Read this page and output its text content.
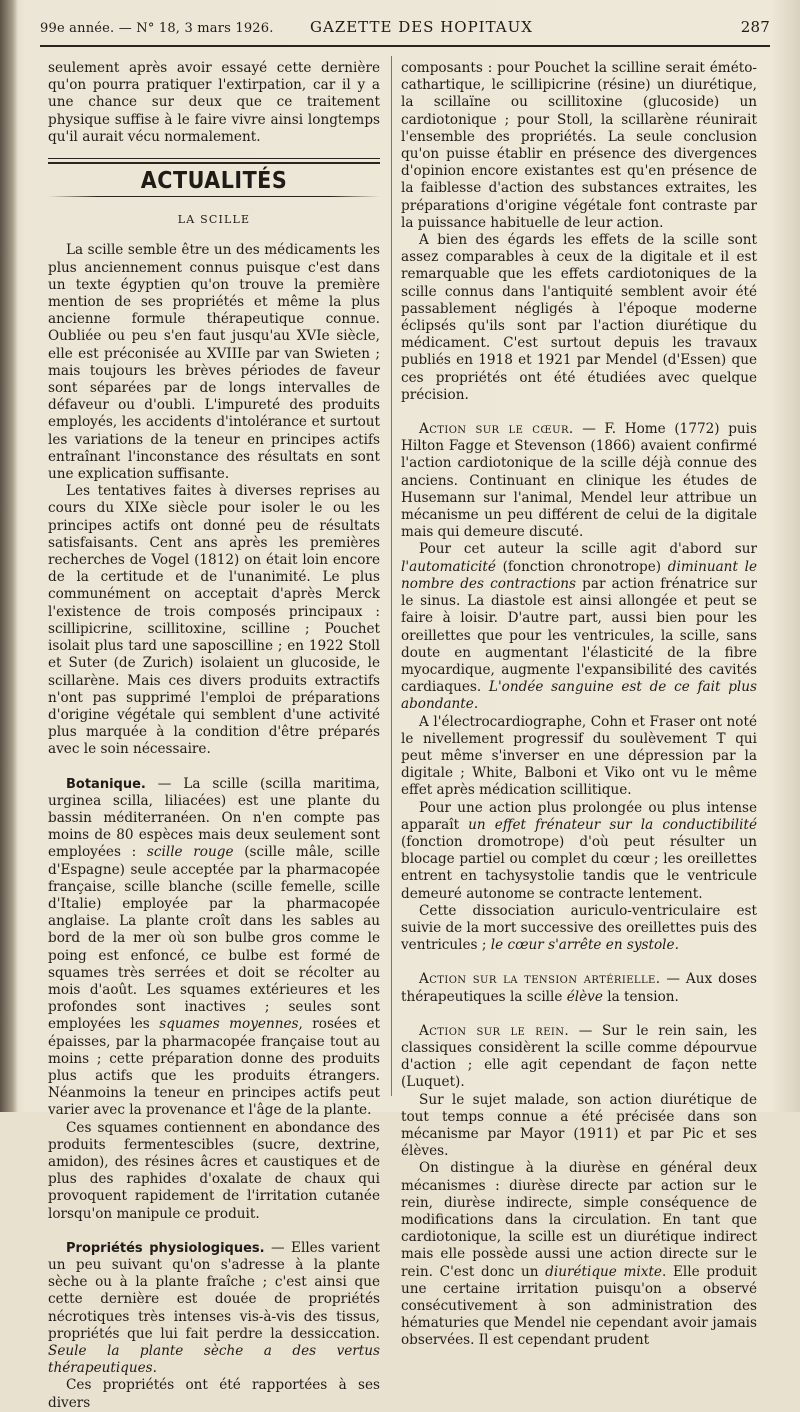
99e année. — N° 18, 3 mars 1926. GAZETTE DES HOPITAUX	287

seulement après avoir essayé cette dernière qu'on pourra pratiquer l'extirpation, car il y a une chance sur deux que ce traitement physique suffise à le faire vivre ainsi longtemps qu'il aurait vécu normalement.

ACTUALITÉS
LA SCILLE

La scille semble être un des médicaments les plus anciennement connus puisque c'est dans un texte égyptien qu'on trouve la première mention de ses propriétés et même la plus ancienne formule thérapeutique connue. Oubliée ou peu s'en faut jusqu'au XVIe siècle, elle est préconisée au XVIIIe par van Swieten ; mais toujours les brèves périodes de faveur sont séparées par de longs intervalles de défaveur ou d'oubli. L'impureté des produits employés, les accidents d'intolérance et surtout les variations de la teneur en principes actifs entraînant l'inconstance des résultats en sont une explication suffisante.

Les tentatives faites à diverses reprises au cours du XIXe siècle pour isoler le ou les principes actifs ont donné peu de résultats satisfaisants. Cent ans après les premières recherches de Vogel (1812) on était loin encore de la certitude et de l'unanimité. Le plus communément on acceptait d'après Merck l'existence de trois composés principaux : scillipicrine, scillitoxine, scilline ; Pouchet isolait plus tard une saposcilline ; en 1922 Stoll et Suter (de Zurich) isolaient un glucoside, le scillarène. Mais ces divers produits extractifs n'ont pas supprimé l'emploi de préparations d'origine végétale qui semblent d'une activité plus marquée à la condition d'être préparés avec le soin nécessaire.

Botanique. — La scille (scilla maritima, urginea scilla, liliacées) est une plante du bassin méditerranéen. On n'en compte pas moins de 80 espèces mais deux seulement sont employées : scille rouge (scille mâle, scille d'Espagne) seule acceptée par la pharmacopée française, scille blanche (scille femelle, scille d'Italie) employée par la pharmacopée anglaise. La plante croît dans les sables au bord de la mer où son bulbe gros comme le poing est enfoncé, ce bulbe est formé de squames très serrées et doit se récolter au mois d'août. Les squames extérieures et les profondes sont inactives ; seules sont employées les squames moyennes, rosées et épaisses, par la pharmacopée française tout au moins ; cette préparation donne des produits plus actifs que les produits étrangers. Néanmoins la teneur en principes actifs peut varier avec la provenance et l'âge de la plante.

Ces squames contiennent en abondance des produits fermentescibles (sucre, dextrine, amidon), des résines âcres et caustiques et de plus des raphides d'oxalate de chaux qui provoquent rapidement de l'irritation cutanée lorsqu'on manipule ce produit.

Propriétés physiologiques. — Elles varient un peu suivant qu'on s'adresse à la plante sèche ou à la plante fraîche ; c'est ainsi que cette dernière est douée de propriétés nécrotiques très intenses vis-à-vis des tissus, propriétés que lui fait perdre la dessiccation. Seule la plante sèche a des vertus thérapeutiques.

Ces propriétés ont été rapportées à ses divers

composants : pour Pouchet la scilline serait éméto-cathartique, le scillipicrine (résine) un diurétique, la scillaïne ou scillitoxine (glucoside) un cardiotonique ; pour Stoll, la scillarène réunirait l'ensemble des propriétés. La seule conclusion qu'on puisse établir en présence des divergences d'opinion encore existantes est qu'en présence de la faiblesse d'action des substances extraites, les préparations d'origine végétale font contraste par la puissance habituelle de leur action.

A bien des égards les effets de la scille sont assez comparables à ceux de la digitale et il est remarquable que les effets cardiotoniques de la scille connus dans l'antiquité semblent avoir été passablement négligés à l'époque moderne éclipsés qu'ils sont par l'action diurétique du médicament. C'est surtout depuis les travaux publiés en 1918 et 1921 par Mendel (d'Essen) que ces propriétés ont été étudiées avec quelque précision.

Action sur le cœur. — F. Home (1772) puis Hilton Fagge et Stevenson (1866) avaient confirmé l'action cardiotonique de la scille déjà connue des anciens. Continuant en clinique les études de Husemann sur l'animal, Mendel leur attribue un mécanisme un peu différent de celui de la digitale mais qui demeure discuté.

Pour cet auteur la scille agit d'abord sur l'automaticité (fonction chronotrope) diminuant le nombre des contractions par action frénatrice sur le sinus. La diastole est ainsi allongée et peut se faire à loisir. D'autre part, aussi bien pour les oreillettes que pour les ventricules, la scille, sans doute en augmentant l'élasticité de la fibre myocardique, augmente l'expansibilité des cavités cardiaques. L'ondée sanguine est de ce fait plus abondante.

A l'électrocardiographe, Cohn et Fraser ont noté le nivellement progressif du soulèvement T qui peut même s'inverser en une dépression par la digitale ; White, Balboni et Viko ont vu le même effet après médication scillitique.

Pour une action plus prolongée ou plus intense apparaît un effet frénateur sur la conductibilité (fonction dromotrope) d'où peut résulter un blocage partiel ou complet du cœur ; les oreillettes entrent en tachysystolie tandis que le ventricule demeuré autonome se contracte lentement.

Cette dissociation auriculo-ventriculaire est suivie de la mort successive des oreillettes puis des ventricules ; le cœur s'arrête en systole.

Action sur la tension artérielle. — Aux doses thérapeutiques la scille élève la tension.

Action sur le rein. — Sur le rein sain, les classiques considèrent la scille comme dépourvue d'action ; elle agit cependant de façon nette (Luquet).

Sur le sujet malade, son action diurétique de tout temps connue a été précisée dans son mécanisme par Mayor (1911) et par Pic et ses élèves.

On distingue à la diurèse en général deux mécanismes : diurèse directe par action sur le rein, diurèse indirecte, simple conséquence de modifications dans la circulation. En tant que cardiotonique, la scille est un diurétique indirect mais elle possède aussi une action directe sur le rein. C'est donc un diurétique mixte. Elle produit une certaine irritation puisqu'on a observé consécutivement à son administration des hématuries que Mendel nie cependant avoir jamais observées. Il est cependant prudent
